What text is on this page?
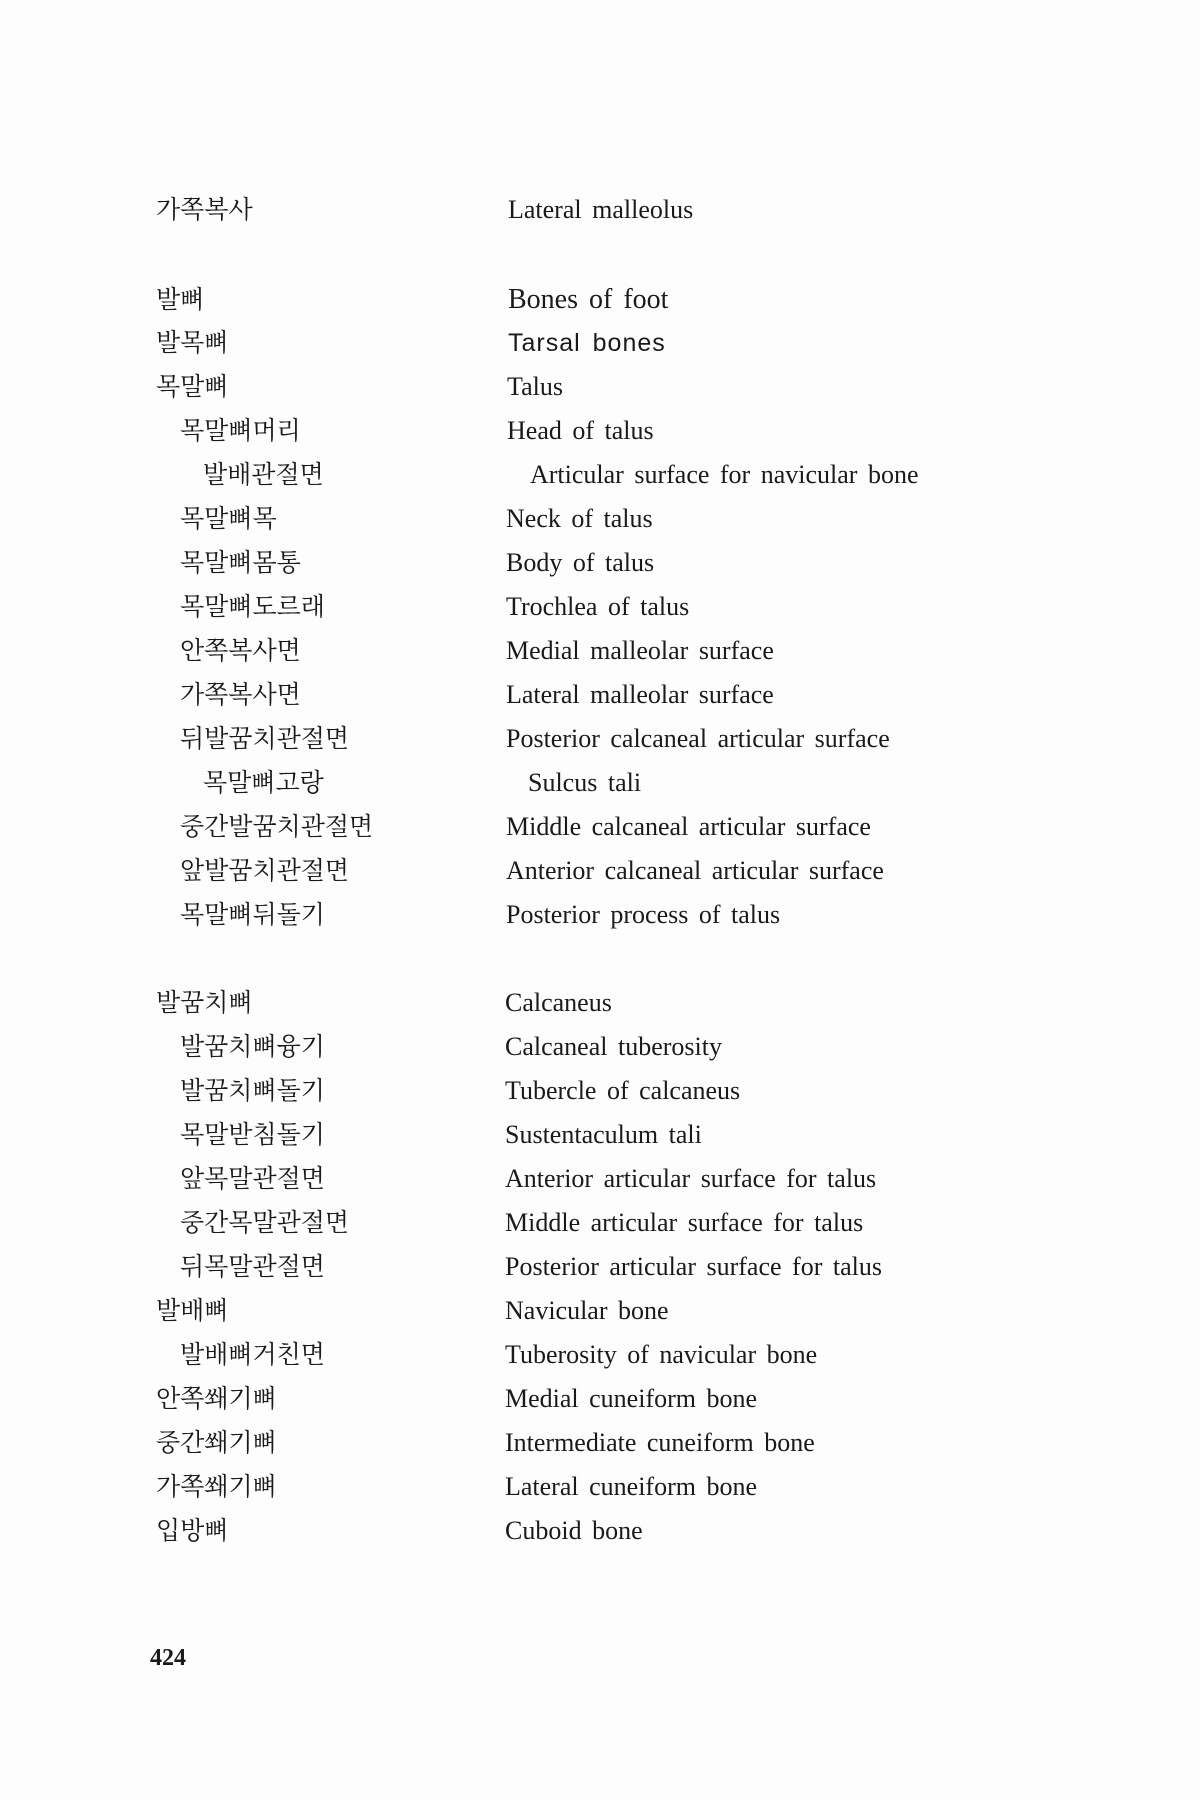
가쪽복사	Lateral malleolus
발뼈	Bones of foot
발목뼈	Tarsal bones
목말뼈	Talus
목말뼈머리	Head of talus
발배관절면	Articular surface for navicular bone
목말뼈목	Neck of talus
목말뼈몸통	Body of talus
목말뼈도르래	Trochlea of talus
안쪽복사면	Medial malleolar surface
가쪽복사면	Lateral malleolar surface
뒤발꿈치관절면	Posterior calcaneal articular surface
목말뼈고랑	Sulcus tali
중간발꿈치관절면	Middle calcaneal articular surface
앞발꿈치관절면	Anterior calcaneal articular surface
목말뼈뒤돌기	Posterior process of talus
발꿈치뼈	Calcaneus
발꿈치뼈융기	Calcaneal tuberosity
발꿈치뼈돌기	Tubercle of calcaneus
목말받침돌기	Sustentaculum tali
앞목말관절면	Anterior articular surface for talus
중간목말관절면	Middle articular surface for talus
뒤목말관절면	Posterior articular surface for talus
발배뼈	Navicular bone
발배뼈거친면	Tuberosity of navicular bone
안쪽쐐기뼈	Medial cuneiform bone
중간쐐기뼈	Intermediate cuneiform bone
가쪽쐐기뼈	Lateral cuneiform bone
입방뼈	Cuboid bone
424
